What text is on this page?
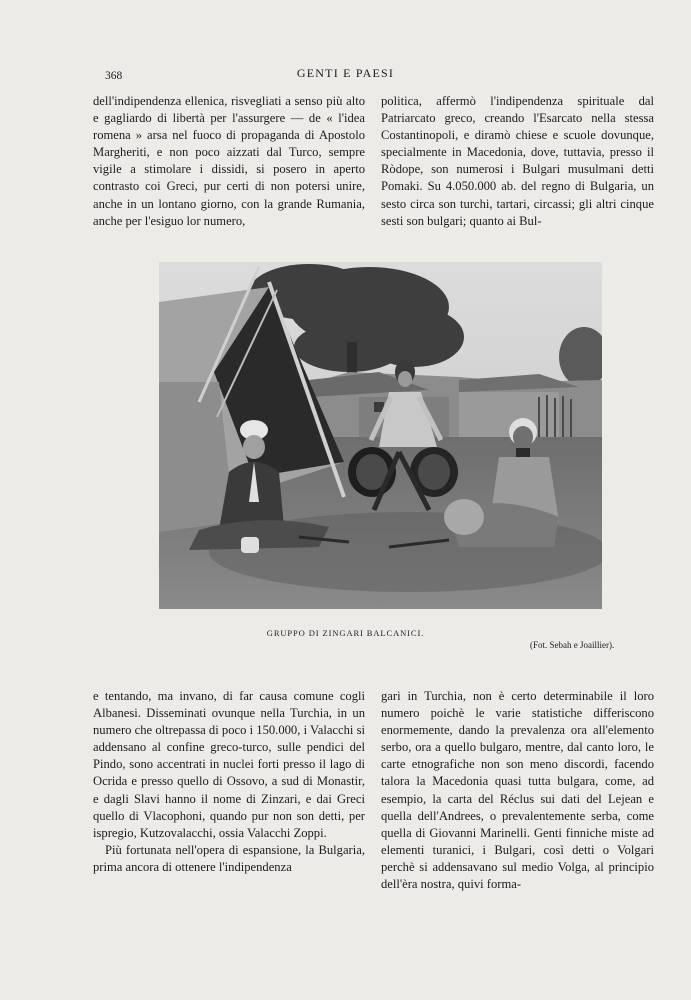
368	GENTI E PAESI

dell'indipendenza ellenica, risvegliati a senso più alto e gagliardo di libertà per l'assurgere — de « l'idea romena » arsa nel fuoco di propaganda di Apostolo Margheriti, e non poco aizzati dal Turco, sempre vigile a stimolare i dissidi, si posero in aperto contrasto coi Greci, pur certi di non potersi unire, anche in un lontano giorno, con la grande Rumania, anche per l'esiguo lor numero,

politica, affermò l'indipendenza spirituale dal Patriarcato greco, creando l'Esarcato nella stessa Costantinopoli, e diramò chiese e scuole dovunque, specialmente in Macedonia, dove, tuttavia, presso il Ròdope, son numerosi i Bulgari musulmani detti Pomaki. Su 4.050.000 ab. del regno di Bulgaria, un sesto circa son turchi, tartari, circassi; gli altri cinque sesti son bulgari; quanto ai Bul-

GRUPPO DI ZINGARI BALCANICI.
(Fot. Sebah e Joaillier).

e tentando, ma invano, di far causa comune cogli Albanesi. Disseminati ovunque nella Turchia, in un numero che oltrepassa di poco i 150.000, i Valacchi si addensano al confine greco-turco, sulle pendici del Pindo, sono accentrati in nuclei forti presso il lago di Ocrida e presso quello di Ossovo, a sud di Monastir, e dagli Slavi hanno il nome di Zinzari, e dai Greci quello di Vlacophoni, quando pur non son detti, per ispregio, Kutzovalacchi, ossia Valacchi Zoppi.

Più fortunata nell'opera di espansione, la Bulgaria, prima ancora di ottenere l'indipendenza

gari in Turchia, non è certo determinabile il loro numero poichè le varie statistiche differiscono enormemente, dando la prevalenza ora all'elemento serbo, ora a quello bulgaro, mentre, dal canto loro, le carte etnografiche non son meno discordi, facendo talora la Macedonia quasi tutta bulgara, come, ad esempio, la carta del Réclus sui dati del Lejean e quella dell'Andrees, o prevalentemente serba, come quella di Giovanni Marinelli. Genti finniche miste ad elementi turanici, i Bulgari, così detti o Volgari perchè si addensavano sul medio Volga, al principio dell'èra nostra, quivi forma-
